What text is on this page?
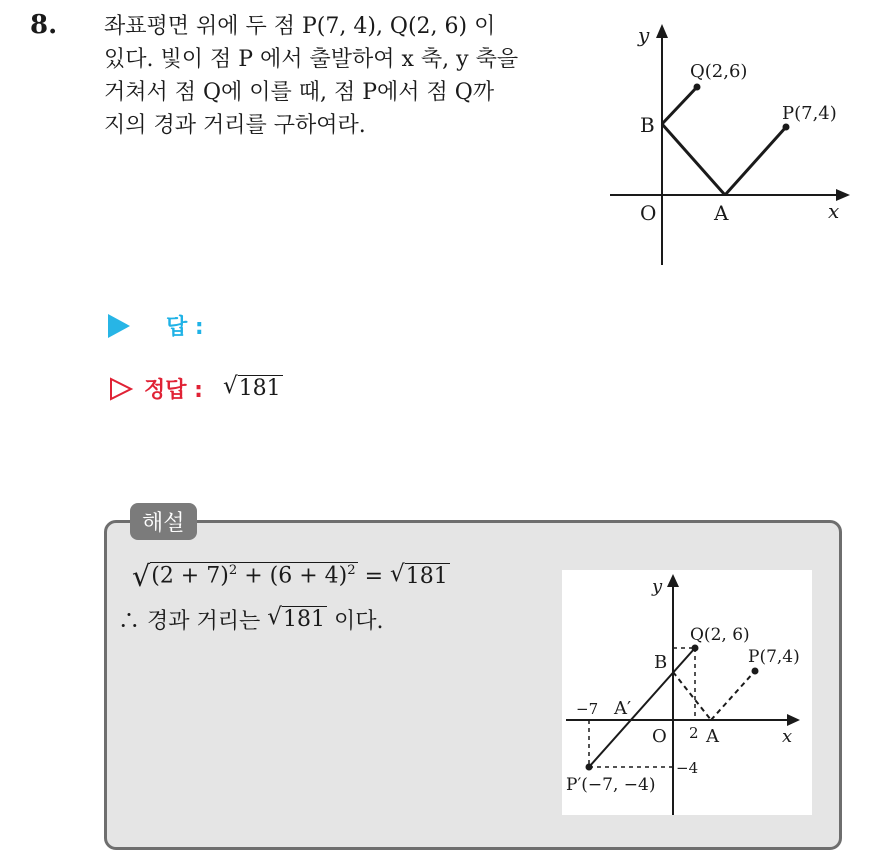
8. 좌표평면 위에 두 점 P(7, 4), Q(2, 6) 이
있다. 빛이 점 P 에서 출발하여 x 축, y 축을
거쳐서 점 Q에 이를 때, 점 P에서 점 Q까
지의 경과 거리를 구하여라.
y
x
O	A
B
Q(2,6)
P(7,4)
답 :
정답 : √ 181
해설
√ $(2 + 7)^2 + (6 + 4)^2$ = √ 181
∴ 경과 거리는 √ 181 이다.
y
x
O A
B
A′
Q(2, 6)
P(7,4)
P′(−7, −4)
−7
2
−4
